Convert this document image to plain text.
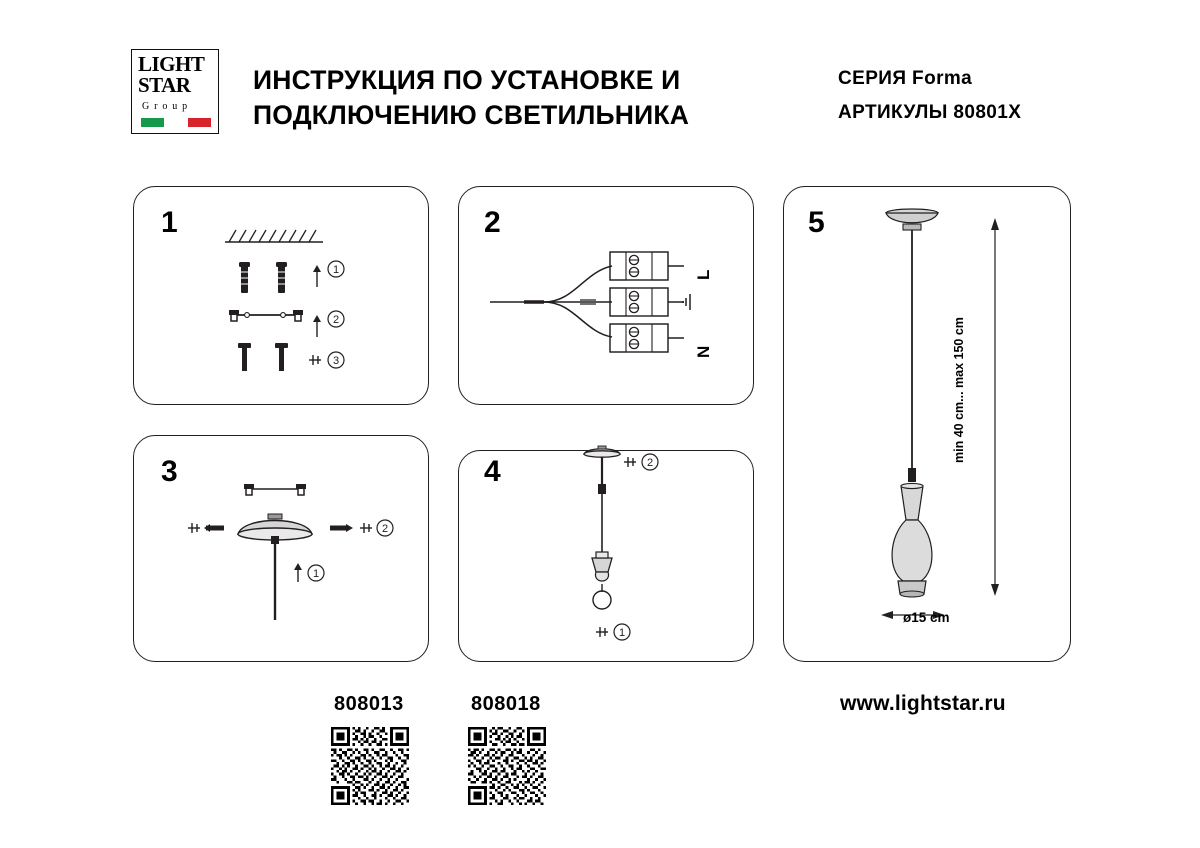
LIGHT
STAR
G r o u p
ИНСТРУКЦИЯ ПО УСТАНОВКЕ И
ПОДКЛЮЧЕНИЮ СВЕТИЛЬНИКА
СЕРИЯ Forma
АРТИКУЛЫ 80801X
1
1
2
3
2
L
N
3
2
1
4	2
1
5
min 40 cm... max 150 cm
ø15 cm
808013	808018	www.lightstar.ru
